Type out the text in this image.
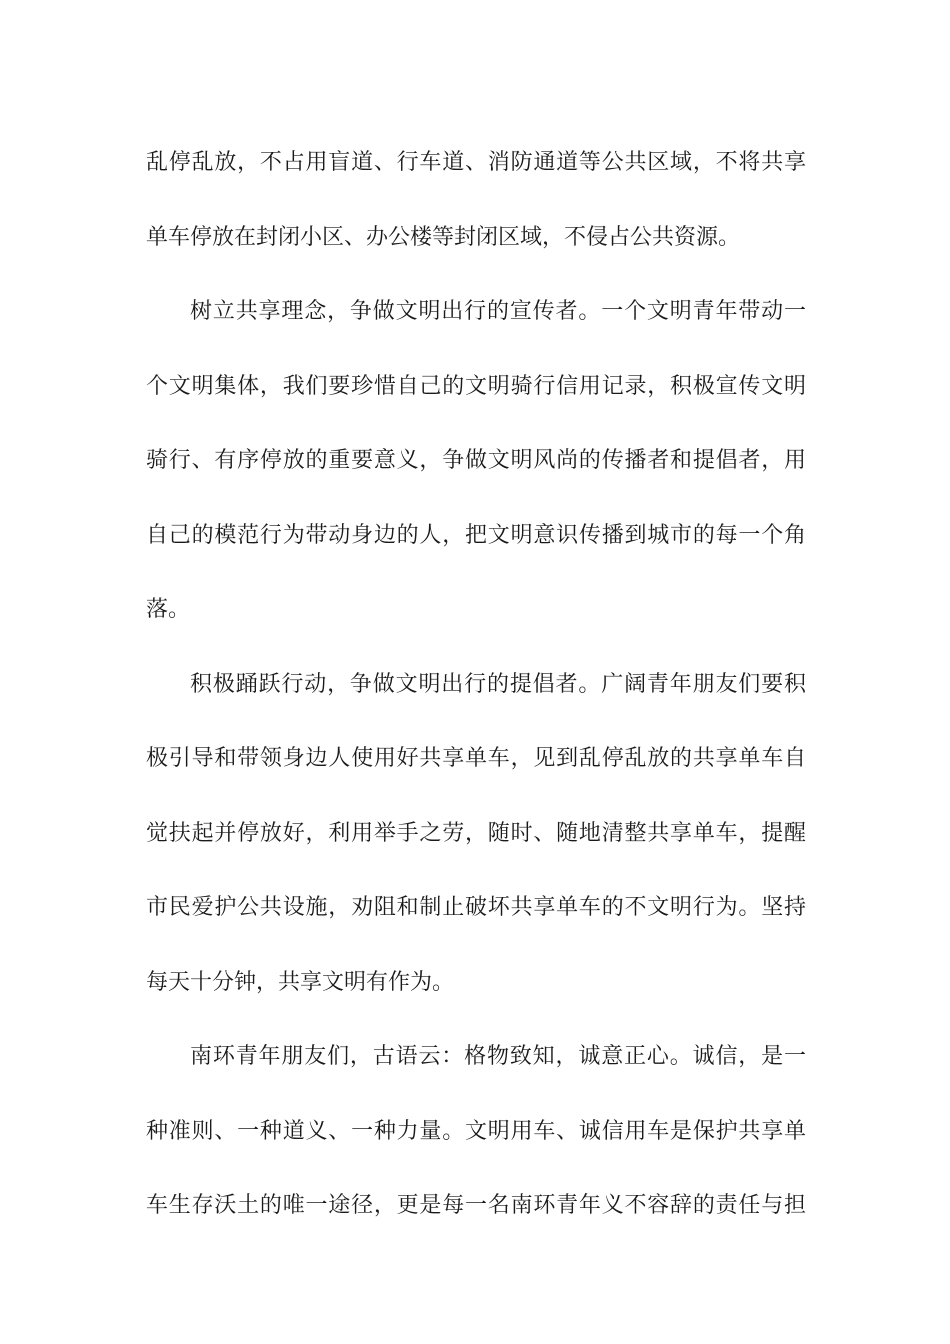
乱停乱放，不占用盲道、行车道、消防通道等公共区域，不将共享
单车停放在封闭小区、办公楼等封闭区域，不侵占公共资源。
树立共享理念，争做文明出行的宣传者。一个文明青年带动一
个文明集体，我们要珍惜自己的文明骑行信用记录，积极宣传文明
骑行、有序停放的重要意义，争做文明风尚的传播者和提倡者，用
自己的模范行为带动身边的人，把文明意识传播到城市的每一个角
落。
积极踊跃行动，争做文明出行的提倡者。广阔青年朋友们要积
极引导和带领身边人使用好共享单车，见到乱停乱放的共享单车自
觉扶起并停放好，利用举手之劳，随时、随地清整共享单车，提醒
市民爱护公共设施，劝阻和制止破坏共享单车的不文明行为。坚持
每天十分钟，共享文明有作为。
南环青年朋友们，古语云：格物致知，诚意正心。诚信，是一
种准则、一种道义、一种力量。文明用车、诚信用车是保护共享单
车生存沃土的唯一途径，更是每一名南环青年义不容辞的责任与担
